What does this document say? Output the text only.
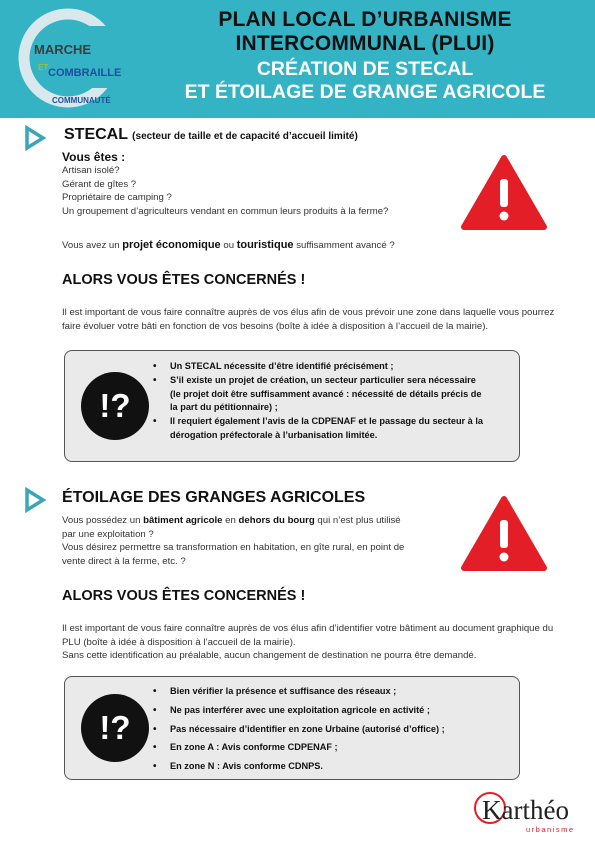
MARCHE
ET COMBRAILLE
COMMUNAUTÉ
PLAN LOCAL D’URBANISME
INTERCOMMUNAL (PLUI)
CRÉATION DE STECAL
ET ÉTOILAGE DE GRANGE AGRICOLE
STECAL (secteur de taille et de capacité d’accueil limité)
Vous êtes :
Artisan isolé?
Gérant de gîtes ?
Propriétaire de camping ?
Un groupement d’agriculteurs vendant en commun leurs produits à la ferme?
Vous avez un projet économique ou touristique suffisamment avancé ?
ALORS VOUS ÊTES CONCERNÉS !
Il est important de vous faire connaître auprès de vos élus afin de vous prévoir une zone dans laquelle vous pourrez
faire évoluer votre bâti en fonction de vos besoins (boîte à idée à disposition à l’accueil de la mairie).
!?
• Un STECAL nécessite d’être identifié précisément ;
• S’il existe un projet de création, un secteur particulier sera nécessaire
(le projet doit être suffisamment avancé : nécessité de détails précis de
la part du pétitionnaire) ;
• Il requiert également l’avis de la CDPENAF et le passage du secteur à la
dérogation préfectorale à l’urbanisation limitée.
ÉTOILAGE DES GRANGES AGRICOLES
Vous possédez un bâtiment agricole en dehors du bourg qui n’est plus utilisé
par une exploitation ?
Vous désirez permettre sa transformation en habitation, en gîte rural, en point de
vente direct à la ferme, etc. ?
ALORS VOUS ÊTES CONCERNÉS !
Il est important de vous faire connaître auprès de vos élus afin d’identifier votre bâtiment au document graphique du
PLU (boîte à idée à disposition à l’accueil de la mairie).
Sans cette identification au préalable, aucun changement de destination ne pourra être demandé.
!?
• Bien vérifier la présence et suffisance des réseaux ;
• Ne pas interférer avec une exploitation agricole en activité ;
• Pas nécessaire d’identifier en zone Urbaine (autorisé d’office) ;
• En zone A : Avis conforme CDPENAF ;
• En zone N : Avis conforme CDNPS.
Karthéo
urbanisme
